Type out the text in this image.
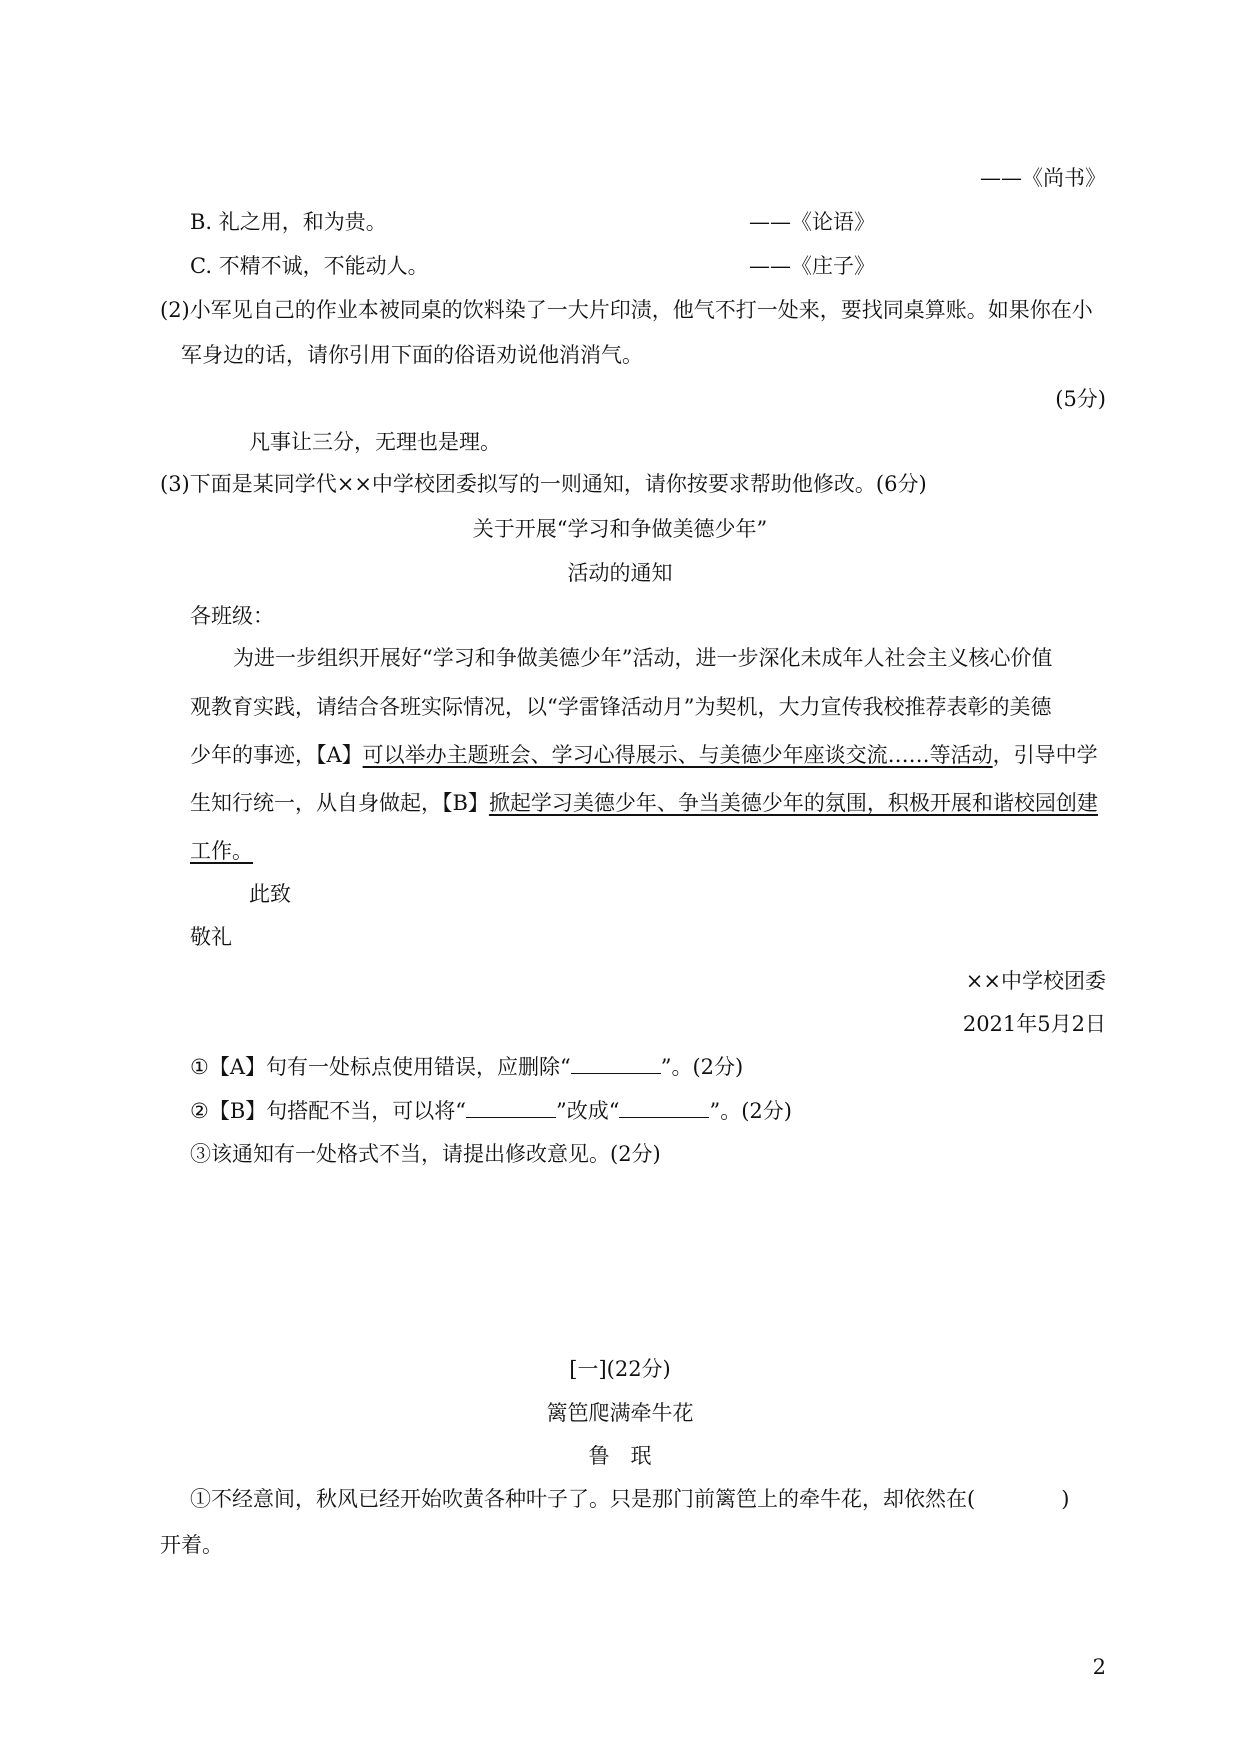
——《尚书》
B. 礼之用，和为贵。	——《论语》
C. 不精不诚，不能动人。	——《庄子》
(2)小军见自己的作业本被同桌的饮料染了一大片印渍，他气不打一处来，要找同桌算账。如果你在小
军身边的话，请你引用下面的俗语劝说他消消气。
(5分)
凡事让三分，无理也是理。
(3)下面是某同学代××中学校团委拟写的一则通知，请你按要求帮助他修改。(6分)
关于开展“学习和争做美德少年”
活动的通知
各班级：
为进一步组织开展好“学习和争做美德少年”活动，进一步深化未成年人社会主义核心价值
观教育实践，请结合各班实际情况，以“学雷锋活动月”为契机，大力宣传我校推荐表彰的美德
少年的事迹，【A】可以举办主题班会、学习心得展示、与美德少年座谈交流……等活动，引导中学
生知行统一，从自身做起，【B】掀起学习美德少年、争当美德少年的氛围，积极开展和谐校园创建
工作。
此致
敬礼
××中学校团委
2021年5月2日
①【A】句有一处标点使用错误，应删除“	”。(2分)
②【B】句搭配不当，可以将“	”改成“	”。(2分)
③该通知有一处格式不当，请提出修改意见。(2分)
[一](22分)
篱笆爬满牵牛花
鲁　珉
①不经意间，秋风已经开始吹黄各种叶子了。只是那门前篱笆上的牵牛花，却依然在(	)
开着。
2
